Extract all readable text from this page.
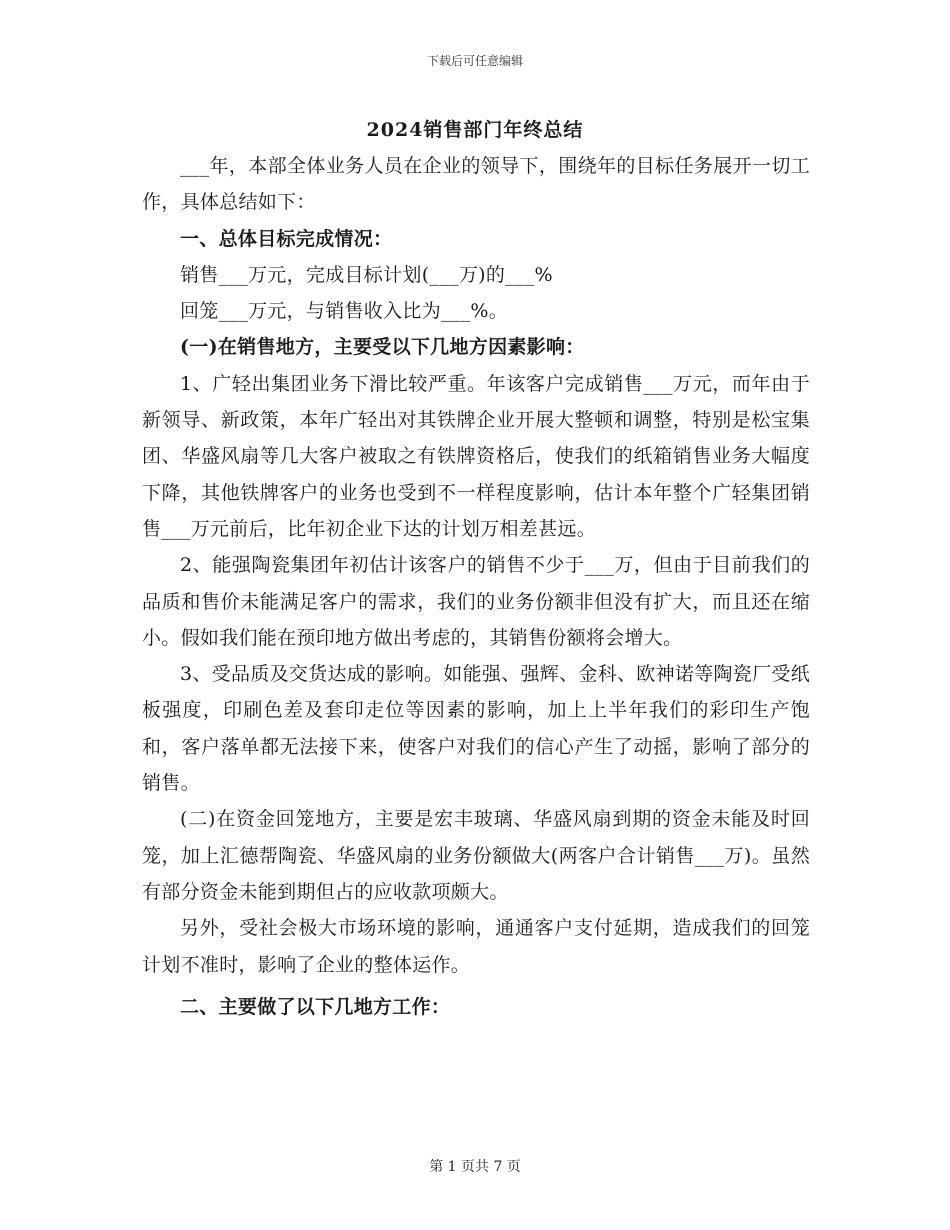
下载后可任意编辑
2024销售部门年终总结

___年，本部全体业务人员在企业的领导下，围绕年的目标任务展开一切工作，具体总结如下：

一、总体目标完成情况：

销售___万元，完成目标计划(___万)的___%

回笼___万元，与销售收入比为___%。

(一)在销售地方，主要受以下几地方因素影响：

1、广轻出集团业务下滑比较严重。年该客户完成销售___万元，而年由于新领导、新政策，本年广轻出对其铁牌企业开展大整顿和调整，特别是松宝集团、华盛风扇等几大客户被取之有铁牌资格后，使我们的纸箱销售业务大幅度下降，其他铁牌客户的业务也受到不一样程度影响，估计本年整个广轻集团销售___万元前后，比年初企业下达的计划万相差甚远。

2、能强陶瓷集团年初估计该客户的销售不少于___万，但由于目前我们的品质和售价未能满足客户的需求，我们的业务份额非但没有扩大，而且还在缩小。假如我们能在预印地方做出考虑的，其销售份额将会增大。

3、受品质及交货达成的影响。如能强、强辉、金科、欧神诺等陶瓷厂受纸板强度，印刷色差及套印走位等因素的影响，加上上半年我们的彩印生产饱和，客户落单都无法接下来，使客户对我们的信心产生了动摇，影响了部分的销售。

(二)在资金回笼地方，主要是宏丰玻璃、华盛风扇到期的资金未能及时回笼，加上汇德帮陶瓷、华盛风扇的业务份额做大(两客户合计销售___万)。虽然有部分资金未能到期但占的应收款项颇大。

另外，受社会极大市场环境的影响，通通客户支付延期，造成我们的回笼计划不准时，影响了企业的整体运作。

二、主要做了以下几地方工作：

第 1 页共 7 页
